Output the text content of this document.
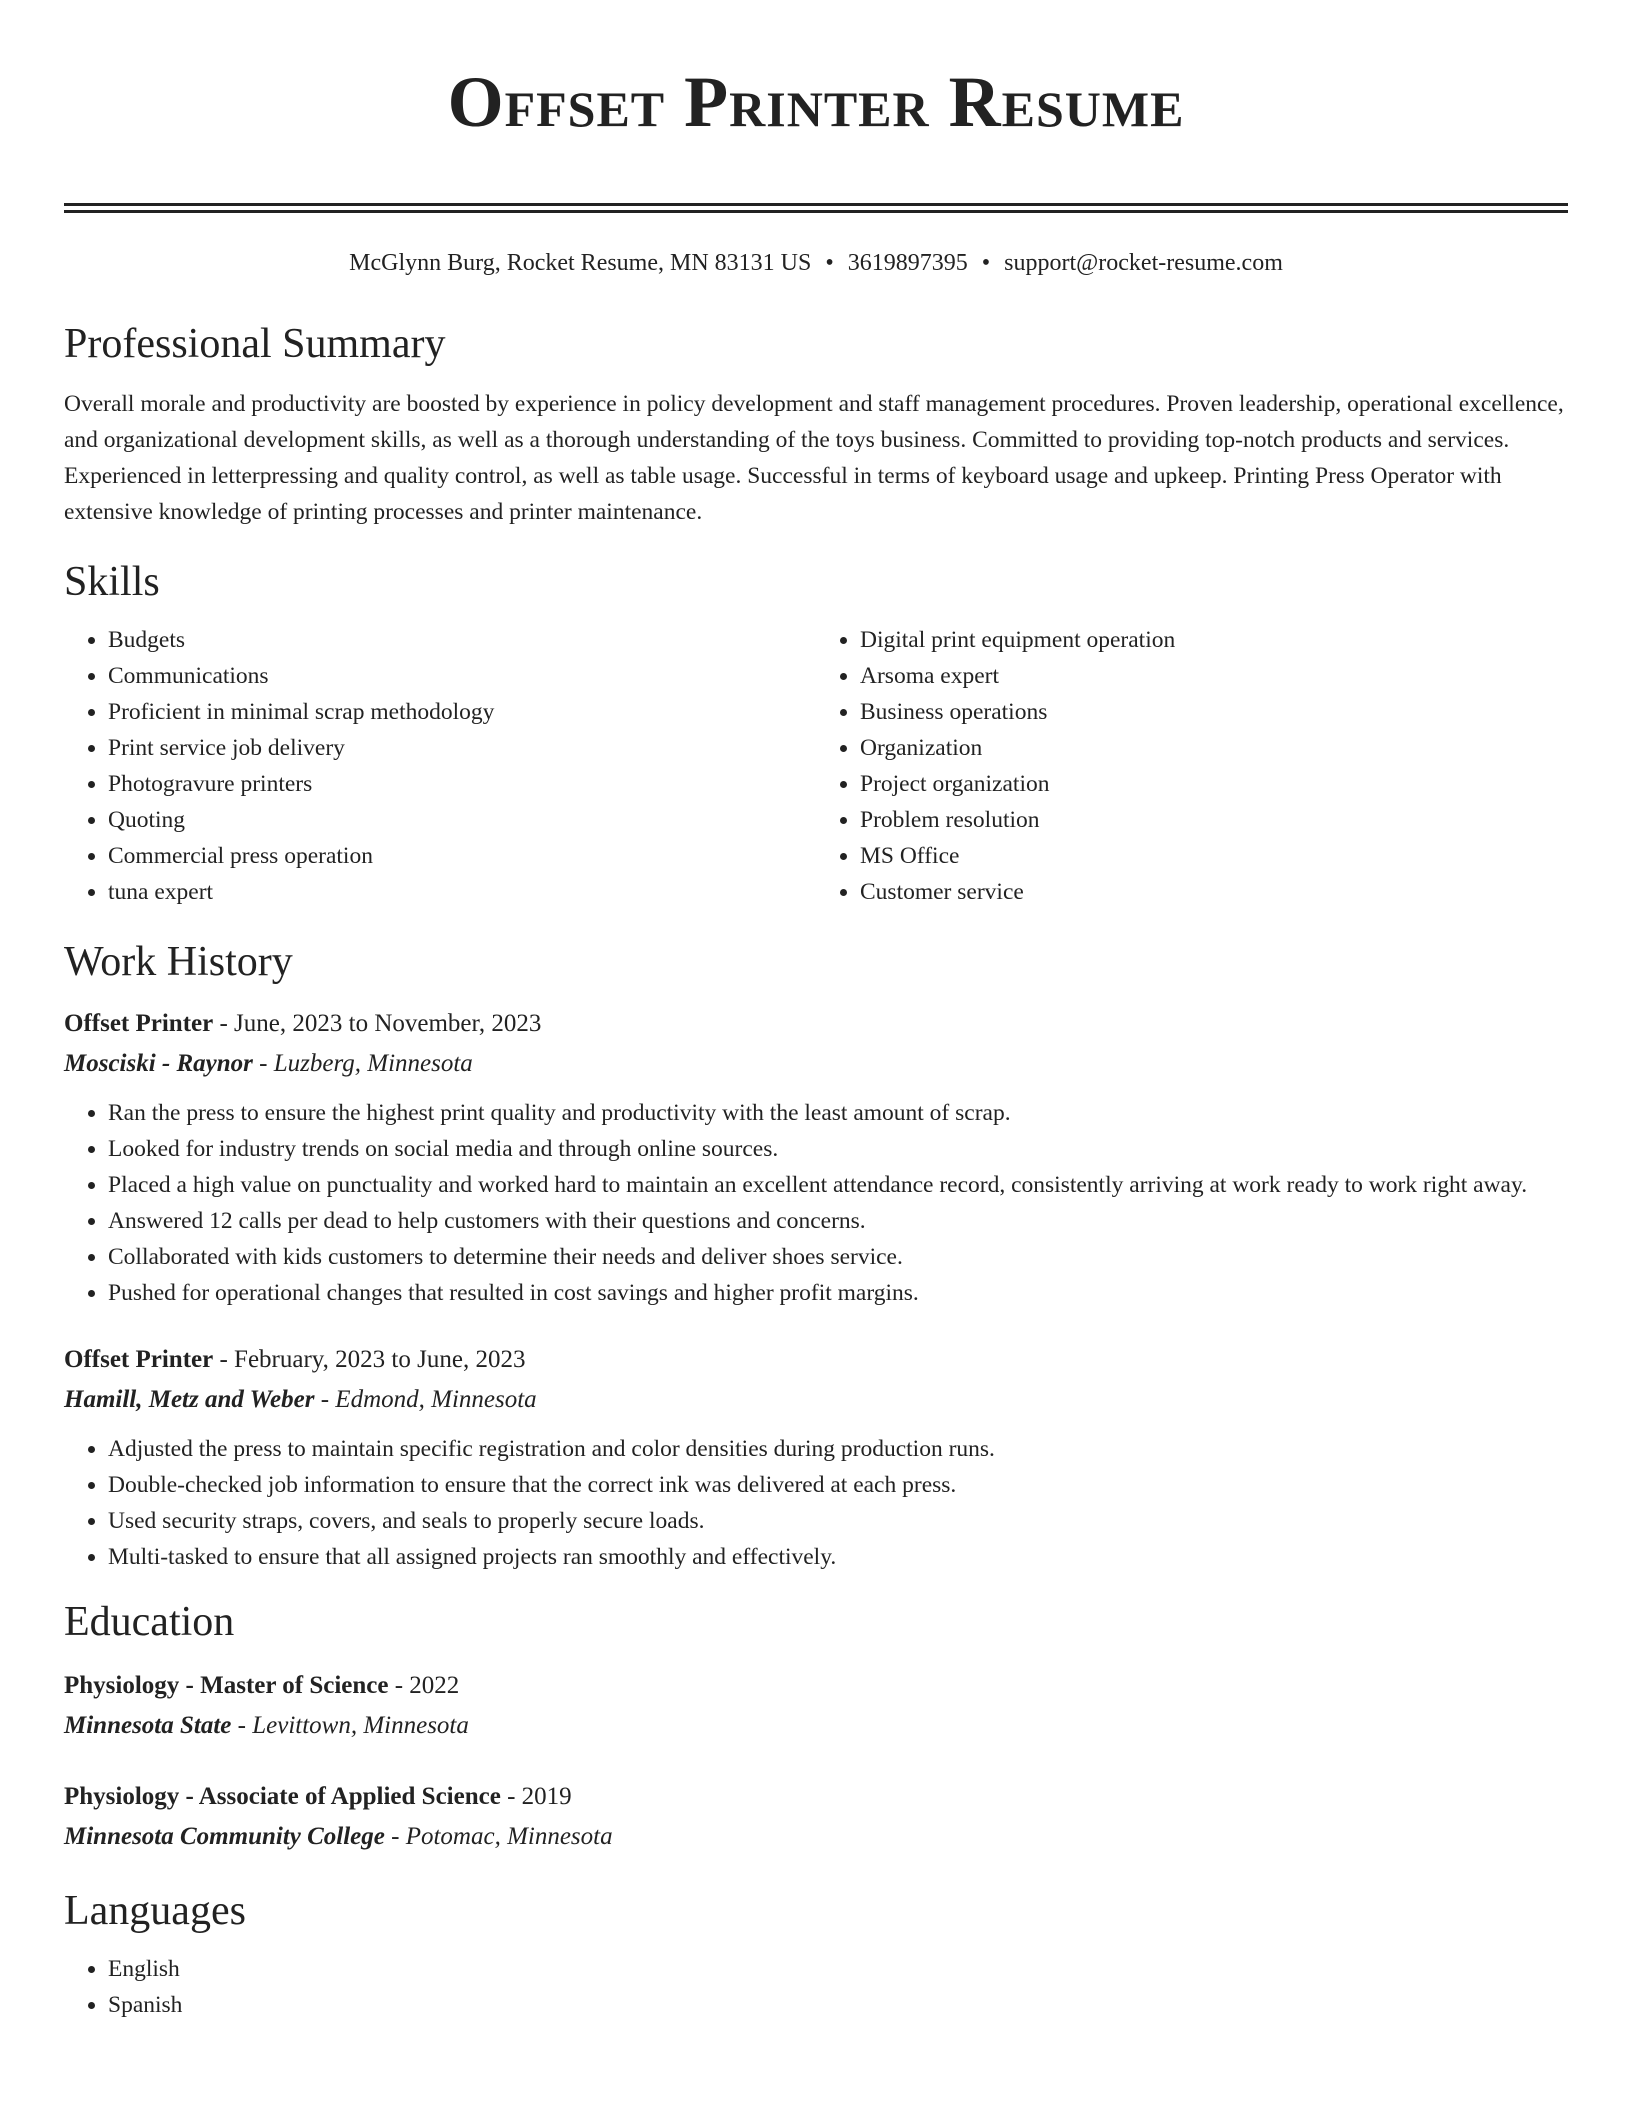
Offset Printer Resume
McGlynn Burg, Rocket Resume, MN 83131 US • 3619897395 • support@rocket-resume.com
Professional Summary
Overall morale and productivity are boosted by experience in policy development and staff management procedures. Proven leadership, operational excellence, and organizational development skills, as well as a thorough understanding of the toys business. Committed to providing top-notch products and services. Experienced in letterpressing and quality control, as well as table usage. Successful in terms of keyboard usage and upkeep. Printing Press Operator with extensive knowledge of printing processes and printer maintenance.
Skills
• Budgets
• Communications
• Proficient in minimal scrap methodology
• Print service job delivery
• Photogravure printers
• Quoting
• Commercial press operation
• tuna expert
• Digital print equipment operation
• Arsoma expert
• Business operations
• Organization
• Project organization
• Problem resolution
• MS Office
• Customer service
Work History
Offset Printer - June, 2023 to November, 2023
Mosciski - Raynor - Luzberg, Minnesota
• Ran the press to ensure the highest print quality and productivity with the least amount of scrap.
• Looked for industry trends on social media and through online sources.
• Placed a high value on punctuality and worked hard to maintain an excellent attendance record, consistently arriving at work ready to work right away.
• Answered 12 calls per dead to help customers with their questions and concerns.
• Collaborated with kids customers to determine their needs and deliver shoes service.
• Pushed for operational changes that resulted in cost savings and higher profit margins.
Offset Printer - February, 2023 to June, 2023
Hamill, Metz and Weber - Edmond, Minnesota
• Adjusted the press to maintain specific registration and color densities during production runs.
• Double-checked job information to ensure that the correct ink was delivered at each press.
• Used security straps, covers, and seals to properly secure loads.
• Multi-tasked to ensure that all assigned projects ran smoothly and effectively.
Education
Physiology - Master of Science - 2022
Minnesota State - Levittown, Minnesota
Physiology - Associate of Applied Science - 2019
Minnesota Community College - Potomac, Minnesota
Languages
• English
• Spanish
